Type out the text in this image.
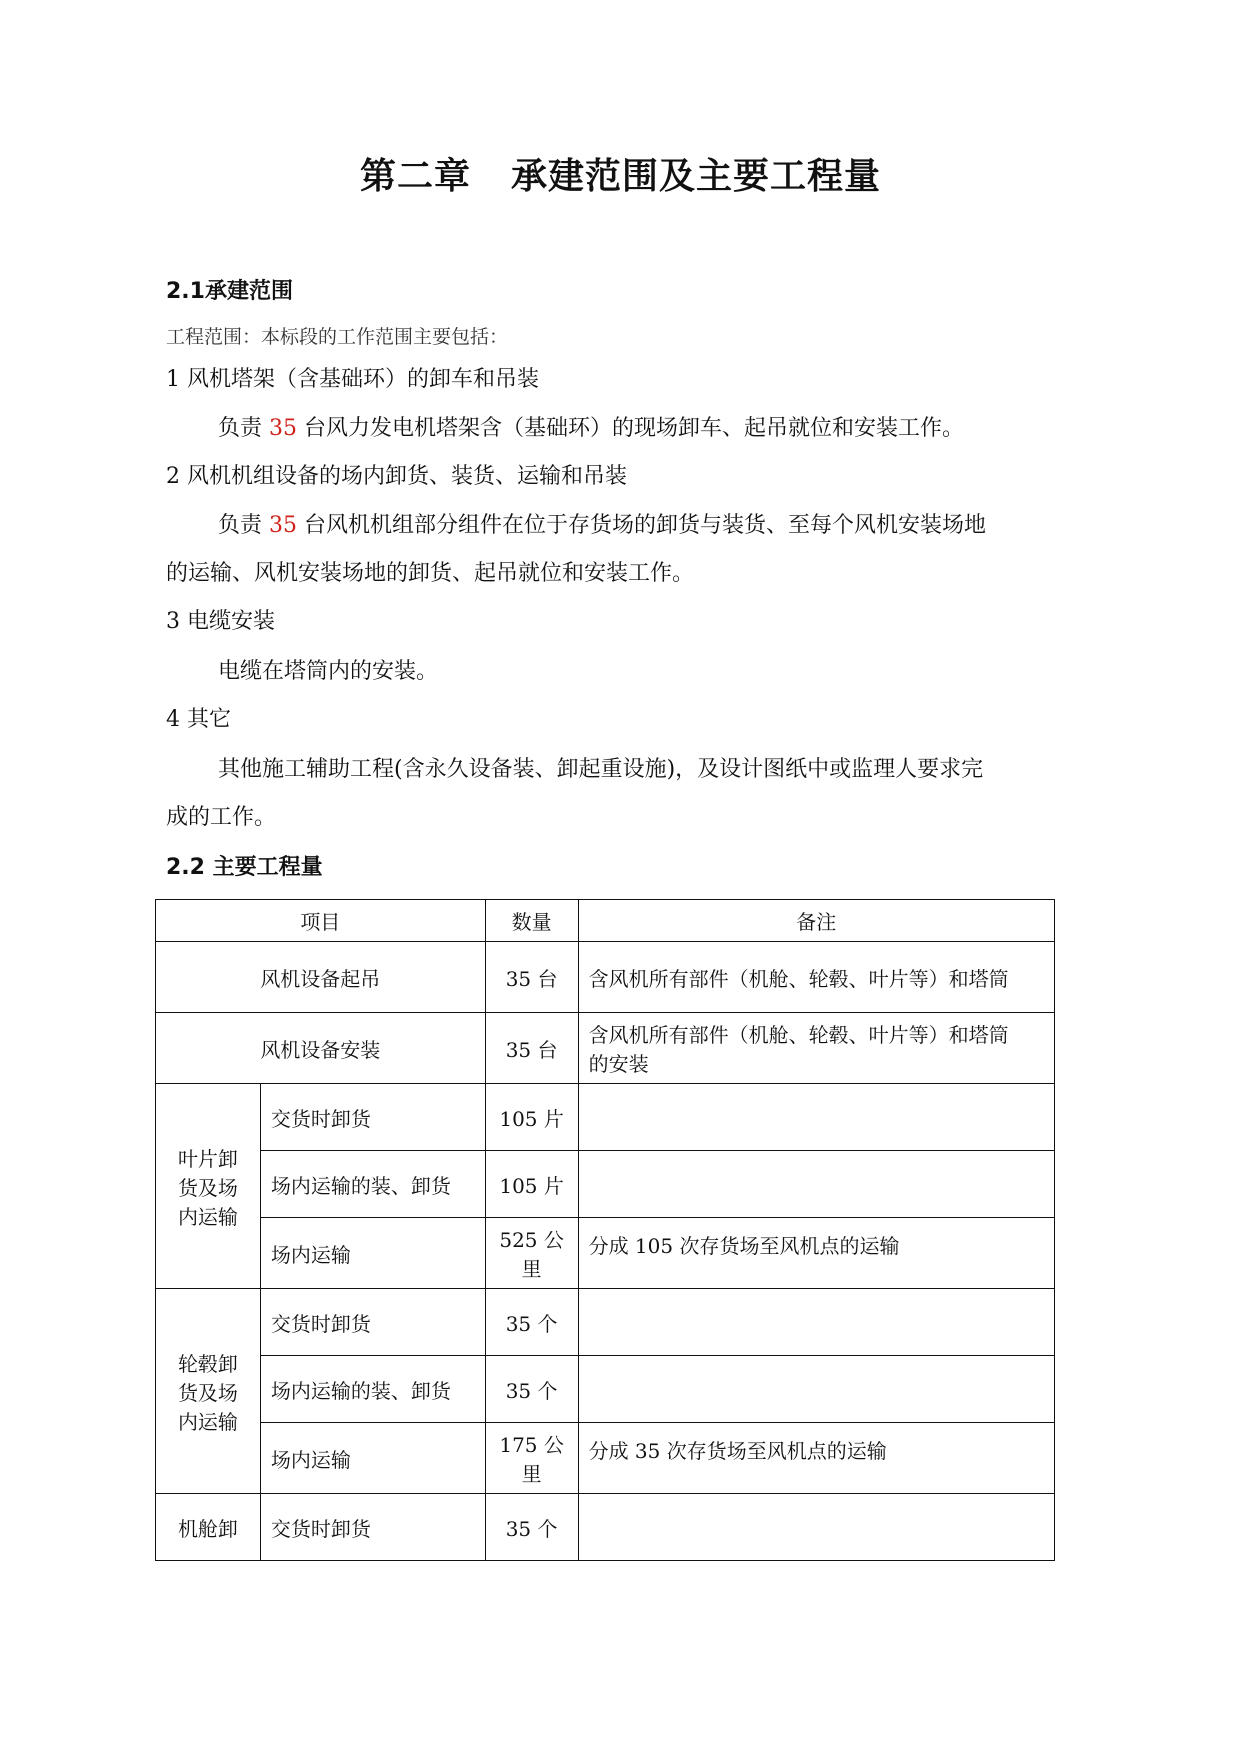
第二章 承建范围及主要工程量
2.1承建范围
工程范围：本标段的工作范围主要包括：
1 风机塔架（含基础环）的卸车和吊装
负责 35 台风力发电机塔架含（基础环）的现场卸车、起吊就位和安装工作。
2 风机机组设备的场内卸货、装货、运输和吊装
负责 35 台风机机组部分组件在位于存货场的卸货与装货、至每个风机安装场地
的运输、风机安装场地的卸货、起吊就位和安装工作。
3 电缆安装
电缆在塔筒内的安装。
4 其它
其他施工辅助工程(含永久设备装、卸起重设施)，及设计图纸中或监理人要求完
成的工作。
2.2 主要工程量
项目		数量	备注
风机设备起吊		35 台	含风机所有部件（机舱、轮毂、叶片等）和塔筒
风机设备安装		35 台	含风机所有部件（机舱、轮毂、叶片等）和塔筒
的安装

叶片卸
货及场
内运输	交货时卸货	105 片	
	场内运输的装、卸货	105 片	
	场内运输	525 公
里	分成 105 次存货场至风机点的运输

轮毂卸
货及场
内运输	交货时卸货	35 个	
	场内运输的装、卸货	35 个	
	场内运输	175 公
里	分成 35 次存货场至风机点的运输
机舱卸	交货时卸货	35 个	
